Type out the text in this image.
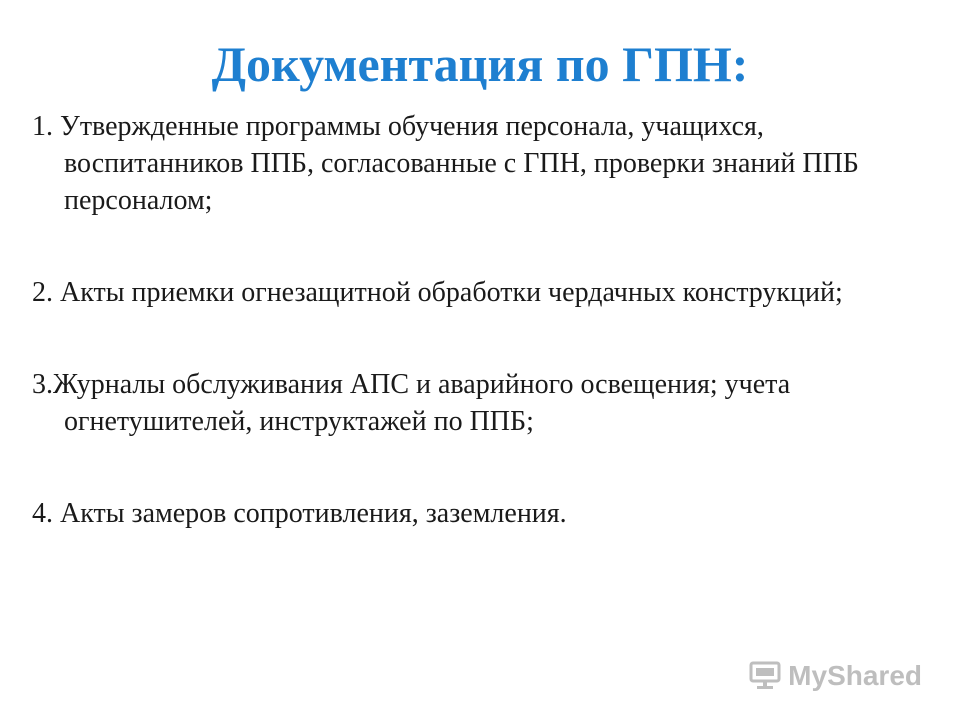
Документация по ГПН:

1. Утвержденные программы обучения персонала, учащихся, воспитанников ППБ, согласованные с ГПН, проверки знаний ППБ персоналом;

2. Акты приемки огнезащитной обработки чердачных конструкций;

3.Журналы обслуживания АПС и аварийного освещения; учета огнетушителей, инструктажей по ППБ;

4. Акты замеров сопротивления, заземления.

MyShared
